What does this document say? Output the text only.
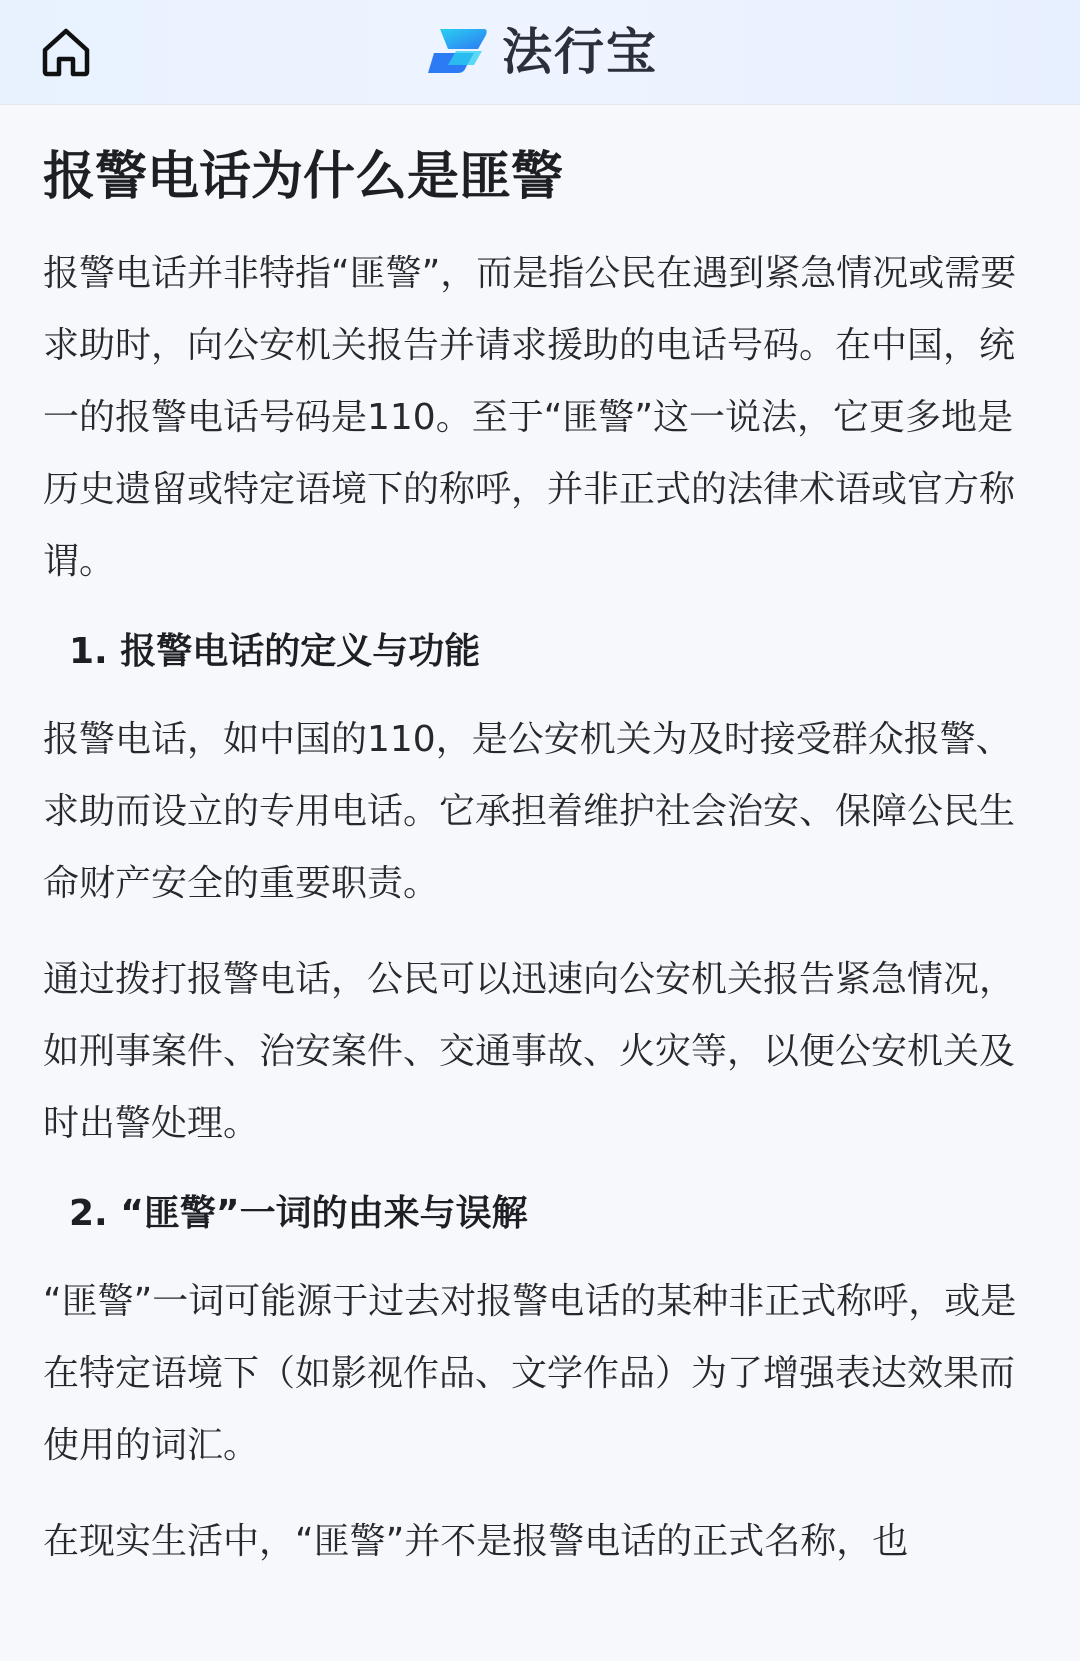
法行宝
报警电话为什么是匪警

报警电话并非特指“匪警”，而是指公民在遇到紧急情况或需要求助时，向公安机关报告并请求援助的电话号码。在中国，统一的报警电话号码是110。至于“匪警”这一说法，它更多地是历史遗留或特定语境下的称呼，并非正式的法律术语或官方称谓。

1. 报警电话的定义与功能

报警电话，如中国的110，是公安机关为及时接受群众报警、求助而设立的专用电话。它承担着维护社会治安、保障公民生命财产安全的重要职责。

通过拨打报警电话，公民可以迅速向公安机关报告紧急情况，如刑事案件、治安案件、交通事故、火灾等，以便公安机关及时出警处理。

2. “匪警”一词的由来与误解

“匪警”一词可能源于过去对报警电话的某种非正式称呼，或是在特定语境下（如影视作品、文学作品）为了增强表达效果而使用的词汇。

在现实生活中，“匪警”并不是报警电话的正式名称，也
